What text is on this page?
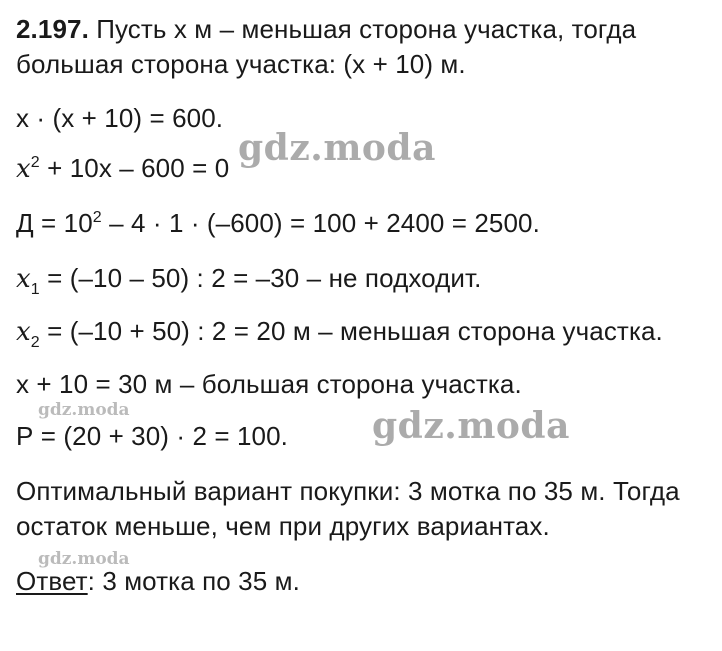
2.197. Пусть х м – меньшая сторона участка, тогда
большая сторона участка: (х + 10) м.
х · (х + 10) = 600.
$x^2 + 10х - 600 = 0$
$Д = 10^2 - 4 \cdot 1 \cdot (-600) = 100 + 2400 = 2500$.
$x_1 = (-10 - 50)$ : 2 = –30 – не подходит.
$x_2 = (-10 + 50)$ : 2 = 20 м – меньшая сторона участка.
х + 10 = 30 м – большая сторона участка.
Р = (20 + 30) · 2 = 100.
Оптимальный вариант покупки: 3 мотка по 35 м. Тогда
остаток меньше, чем при других вариантах.
Ответ: 3 мотка по 35 м.
gdz.moda
gdz.moda
gdz.moda
gdz.moda
